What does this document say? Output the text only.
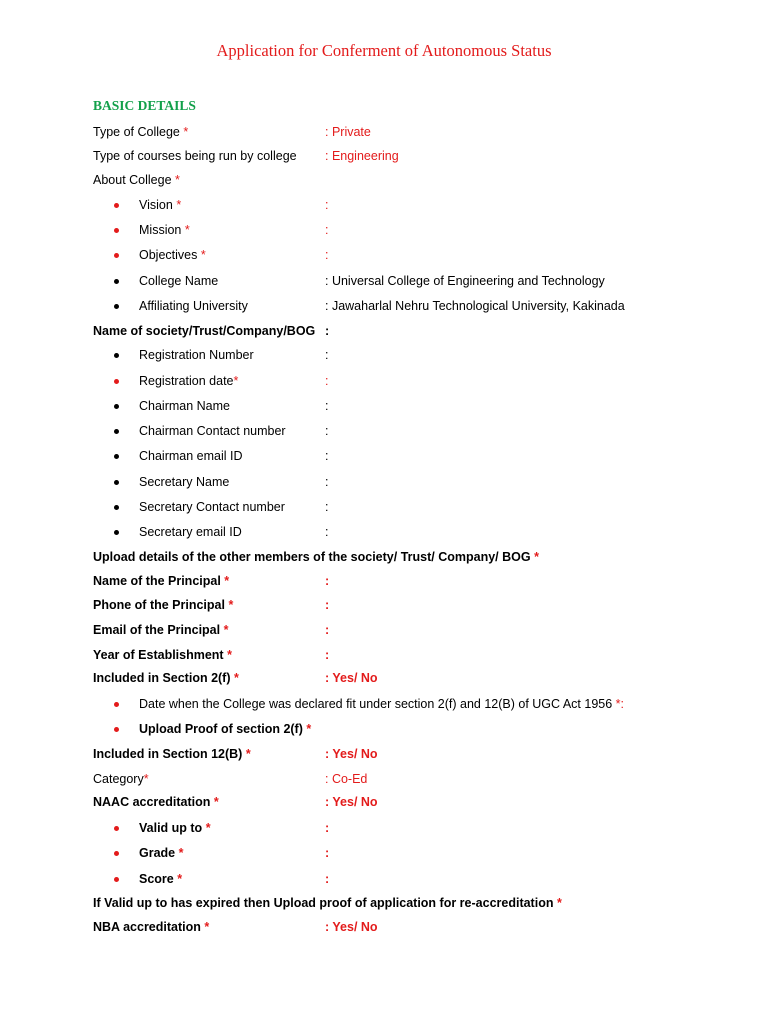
Application for Conferment of Autonomous Status
BASIC DETAILS
Type of College *	: Private
Type of courses being run by college : Engineering
About College *
Vision *	:
Mission *	:
Objectives *	:
College Name	: Universal College of Engineering and Technology
Affiliating University	: Jawaharlal Nehru Technological University, Kakinada
Name of society/Trust/Company/BOG :
Registration Number	:
Registration date*	:
Chairman Name	:
Chairman Contact number	:
Chairman email ID	:
Secretary Name	:
Secretary Contact number	:
Secretary email ID	:
Upload details of the other members of the society/ Trust/ Company/ BOG *
Name of the Principal *	:
Phone of the Principal *	:
Email of the Principal *	:
Year of Establishment *	:
Included in Section 2(f) *	: Yes/ No
Date when the College was declared fit under section 2(f) and 12(B) of UGC Act 1956 *:
Upload Proof of section 2(f) *
Included in Section 12(B) *	: Yes/ No
Category*	: Co-Ed
NAAC accreditation *	: Yes/ No
Valid up to *	:
Grade *	:
Score *	:
If Valid up to has expired then Upload proof of application for re-accreditation *
NBA accreditation *	: Yes/ No
